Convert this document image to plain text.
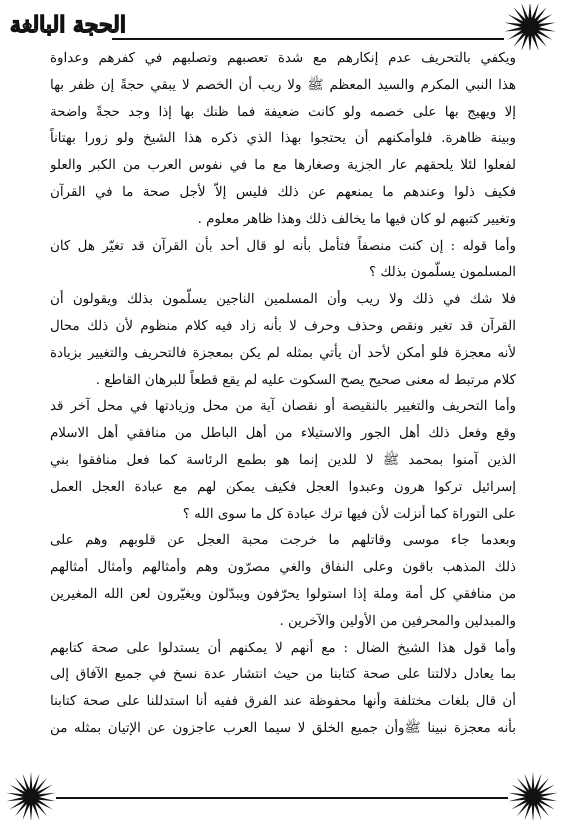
الحجة البالغة
ويكفي بالتحريف عدم إنكارهم مع شدة تعصبهم وتصلبهم في كفرهم وعداوة
هذا النبي المكرم والسيد المعظم ﷺ ولا ريب أن الخصم لا يبقي حجةً إن ظفر بها
إلا ويهيج بها على خصمه ولو كانت ضعيفة فما ظنك بها إذا وجد حجةً واضحة
وبينة ظاهرة. فلوأمكنهم أن يحتجوا بهذا الذي ذكره هذا الشيخ ولو زورا بهتاناً
لفعلوا لئلا يلحقهم عار الجزية وصغارها مع ما في نفوس العرب من الكبر والعلو
فكيف ذلوا وعندهم ما يمنعهم عن ذلك فليس إلاّ لأجل صحة ما في القرآن
وتغيير كتبهم لو كان فيها ما يخالف ذلك وهذا ظاهر معلوم .
وأما قوله : إن كنت منصفاً فتأمل بأنه لو قال أحد بأن القرآن قد تغيّر هل كان
المسلمون يسلّمون بذلك ؟
فلا شك في ذلك ولا ريب وأن المسلمين الناجين يسلّمون بذلك ويقولون أن
القرآن قد تغير ونقص وحذف وحرف لا بأنه زاد فيه كلام منظوم لأن ذلك محال
لأنه معجزة فلو أمكن لأحد أن يأتي بمثله لم يكن بمعجزة فالتحريف والتغيير بزيادة
كلام مرتبط له معنى صحيح يصح السكوت عليه لم يقع قطعاً للبرهان القاطع .
وأما التحريف والتغيير بالنقيصة أو نقصان آية من محل وزيادتها في محل آخر قد
وقع وفعل ذلك أهل الجور والاستيلاء من أهل الباطل من منافقي أهل الاسلام
الذين آمنوا بمحمد ﷺ لا للدين إنما هو بطمع الرئاسة كما فعل منافقوا بني
إسرائيل تركوا هرون وعبدوا العجل فكيف يمكن لهم مع عبادة العجل العمل
على التوراة كما أنزلت لأن فيها ترك عبادة كل ما سوى الله ؟
وبعدما جاء موسى وقاتلهم ما خرجت محبة العجل عن قلوبهم وهم على
ذلك المذهب باقون وعلى النفاق والغي مصرّون وهم وأمثالهم وأمثال أمثالهم
من منافقي كل أمة وملة إذا استولوا يحرّفون ويبدّلون ويغيّرون لعن الله المغيرين
والمبدلين والمحرفين من الأولين والآخرين .
وأما قول هذا الشيخ الضال : مع أنهم لا يمكنهم أن يستدلوا على صحة كتابهم
بما يعادل دلالتنا على صحة كتابنا من حيث انتشار عدة نسخ في جميع الآفاق إلى
أن قال بلغات مختلفة وأنها محفوظة عند الفرق ففيه أنا استدللنا على صحة كتابنا
بأنه معجزة نبينا ﷺوأن جميع الخلق لا سيما العرب عاجزون عن الإتيان بمثله من
